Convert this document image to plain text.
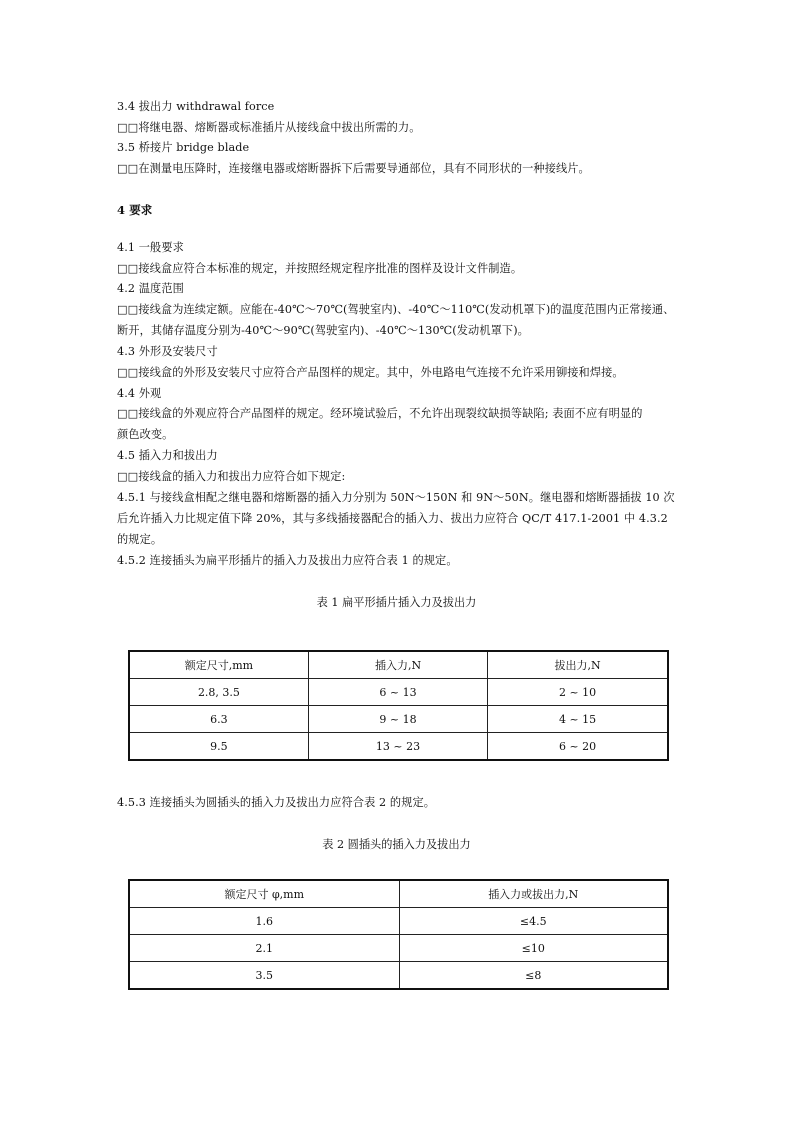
3.4 拔出力 withdrawal force
□□将继电器、熔断器或标准插片从接线盒中拔出所需的力。
3.5 桥接片 bridge blade
□□在测量电压降时，连接继电器或熔断器拆下后需要导通部位，具有不同形状的一种接线片。
4 要求
4.1 一般要求
□□接线盒应符合本标准的规定，并按照经规定程序批准的图样及设计文件制造。
4.2 温度范围
□□接线盒为连续定额。应能在-40℃～70℃(驾驶室内)、-40℃～110℃(发动机罩下)的温度范围内正常接通、
断开，其储存温度分别为-40℃～90℃(驾驶室内)、-40℃～130℃(发动机罩下)。
4.3 外形及安装尺寸
□□接线盒的外形及安装尺寸应符合产品图样的规定。其中，外电路电气连接不允许采用铆接和焊接。
4.4 外观
□□接线盒的外观应符合产品图样的规定。经环境试验后，不允许出现裂纹缺损等缺陷; 表面不应有明显的
颜色改变。
4.5 插入力和拔出力
□□接线盒的插入力和拔出力应符合如下规定:
4.5.1 与接线盒相配之继电器和熔断器的插入力分别为 50N～150N 和 9N～50N。继电器和熔断器插拔 10 次
后允许插入力比规定值下降 20%，其与多线插接器配合的插入力、拔出力应符合 QC/T 417.1-2001 中 4.3.2
的规定。
4.5.2 连接插头为扁平形插片的插入力及拔出力应符合表 1 的规定。
表 1 扁平形插片插入力及拔出力
额定尺寸,mm	插入力,N	拔出力,N
2.8, 3.5	6 ~ 13	2 ~ 10
6.3	9 ~ 18	4 ~ 15
9.5	13 ~ 23	6 ~ 20
4.5.3 连接插头为圆插头的插入力及拔出力应符合表 2 的规定。
表 2 圆插头的插入力及拔出力
额定尺寸 φ,mm	插入力或拔出力,N
1.6	≤4.5
2.1	≤10
3.5	≤8
